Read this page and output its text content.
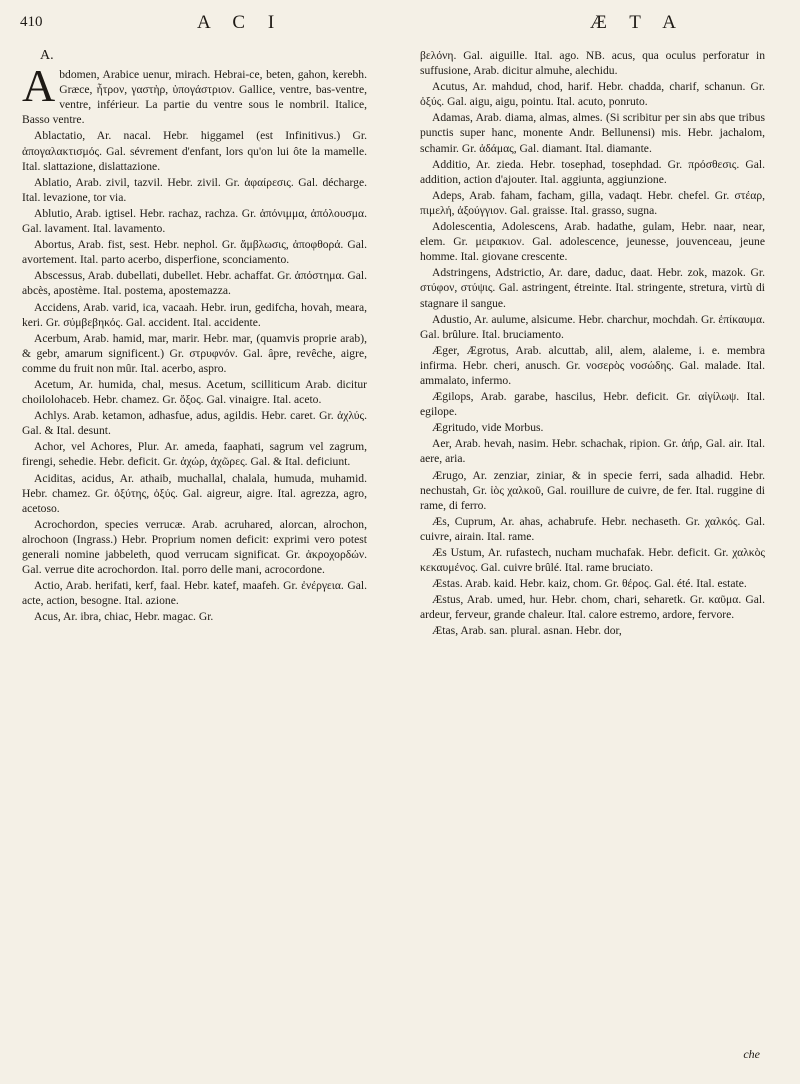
410	A C I	Æ T A
A.

Abdomen, Arabice uenur, mirach. Hebrai-ce, beten, gahon, kerebh. Græce, ἦτρον, γαστὴρ, ὑπογάστριον. Gallice, ventre, bas-ventre, ventre, inférieur. La partie du ventre sous le nombril. Italice, Basso ventre.

Ablactatio, Ar. nacal. Hebr. higgamel (est Infinitivus.) Gr. ἀπογαλακτισμός. Gal. sévrement d'enfant, lors qu'on lui ôte la mamelle. Ital. slattazione, dislattazione.

Ablatio, Arab. zivil, tazvil. Hebr. zivil. Gr. ἀφαίρεσις. Gal. décharge. Ital. levazione, tor via.

Ablutio, Arab. igtisel. Hebr. rachaz, rachza. Gr. ἀπόνιμμα, ἀπόλουσμα. Gal. lavament. Ital. lavamento.

Abortus, Arab. fist, sest. Hebr. nephol. Gr. ἄμβλωσις, ἀποφθορά. Gal. avortement. Ital. parto acerbo, disperfione, sconciamento.

Abscessus, Arab. dubellati, dubellet. Hebr. achaffat. Gr. ἀπόστημα. Gal. abcès, apostème. Ital. postema, apostemazza.

Accidens, Arab. varid, ica, vacaah. Hebr. irun, gedifcha, hovah, meara, keri. Gr. σύμβεβηκός. Gal. accident. Ital. accidente.

Acerbum, Arab. hamid, mar, marir. Hebr. mar, (quamvis proprie arab), & gebr, amarum significent.) Gr. στρυφνόν. Gal. âpre, revêche, aigre, comme du fruit non mûr. Ital. acerbo, aspro.

Acetum, Ar. humida, chal, mesus. Acetum, scilliticum Arab. dicitur choilolohaceb. Hebr. chamez. Gr. ὄξος. Gal. vinaigre. Ital. aceto.

Achlys. Arab. ketamon, adhasfue, adus, agildis. Hebr. caret. Gr. ἀχλύς. Gal. & Ital. desunt.

Achor, vel Achores, Plur. Ar. ameda, faaphati, sagrum vel zagrum, firengi, sehedie. Hebr. deficit. Gr. ἀχώρ, ἀχῶρες. Gal. & Ital. deficiunt.

Aciditas, acidus, Ar. athaib, muchallal, chalala, humuda, muhamid. Hebr. chamez. Gr. ὀξύτης, ὀξύς. Gal. aigreur, aigre. Ital. agrezza, agro, acetoso.

Acrochordon, species verrucæ. Arab. acruhared, alorcan, alrochon, alrochoon (Ingrass.) Hebr. Proprium nomen deficit: exprimi vero potest generali nomine jabbeleth, quod verrucam significat. Gr. ἀκροχορδών. Gal. verrue dite acrochordon. Ital. porro delle mani, acrocordone.

Actio, Arab. herifati, kerf, faal. Hebr. katef, maafeh. Gr. ἐνέργεια. Gal. acte, action, besogne. Ital. azione.

Acus, Ar. ibra, chiac, Hebr. magac. Gr.

βελόνη. Gal. aiguille. Ital. ago. NB. acus, qua oculus perforatur in suffusione, Arab. dicitur almuhe, alechidu.

Acutus, Ar. mahdud, chod, harif. Hebr. chadda, charif, schanun. Gr. ὀξύς. Gal. aigu, aigu, pointu. Ital. acuto, ponruto.

Adamas, Arab. diama, almas, almes. (Si scribitur per sin abs que tribus punctis super hanc, monente Andr. Bellunensi) mis. Hebr. jachalom, schamir. Gr. ἀδάμας, Gal. diamant. Ital. diamante.

Additio, Ar. zieda. Hebr. tosephad, tosephdad. Gr. πρόσθεσις. Gal. addition, action d'ajouter. Ital. aggiunta, aggiunzione.

Adeps, Arab. faham, facham, gilla, vadaqt. Hebr. chefel. Gr. στέαρ, πιμελή, ἀξούγγιον. Gal. graisse. Ital. grasso, sugna.

Adolescentia, Adolescens, Arab. hadathe, gulam, Hebr. naar, near, elem. Gr. μειρακιον. Gal. adolescence, jeunesse, jouvenceau, jeune homme. Ital. giovane crescente.

Adstringens, Adstrictio, Ar. dare, daduc, daat. Hebr. zok, mazok. Gr. στύφον, στύψις. Gal. astringent, étreinte. Ital. stringente, stretura, virtù di stagnare il sangue.

Adustio, Ar. aulume, alsicume. Hebr. charchur, mochdah. Gr. ἐπίκαυμα. Gal. brûlure. Ital. bruciamento.

Æger, Ægrotus, Arab. alcuttab, alil, alem, alaleme, i. e. membra infirma. Hebr. cheri, anusch. Gr. νοσερὸς νοσώδης. Gal. malade. Ital. ammalato, infermo.

Ægilops, Arab. garabe, hascilus, Hebr. deficit. Gr. αἰγίλωψ. Ital. egilope.

Ægritudo, vide Morbus.

Aer, Arab. hevah, nasim. Hebr. schachak, ripion. Gr. ἀήρ, Gal. air. Ital. aere, aria.

Ærugo, Ar. zenziar, ziniar, & in specie ferri, sada alhadid. Hebr. nechustah, Gr. ἰὸς χαλκοῦ, Gal. rouillure de cuivre, de fer. Ital. ruggine di rame, di ferro.

Æs, Cuprum, Ar. ahas, achabrufe. Hebr. nechaseth. Gr. χαλκός. Gal. cuivre, airain. Ital. rame.

Æs Ustum, Ar. rufastech, nucham muchafak. Hebr. deficit. Gr. χαλκὸς κεκαυμένος. Gal. cuivre brûlé. Ital. rame bruciato.

Æstas. Arab. kaid. Hebr. kaiz, chom. Gr. θέρος. Gal. été. Ital. estate.

Æstus, Arab. umed, hur. Hebr. chom, chari, seharetk. Gr. καῦμα. Gal. ardeur, ferveur, grande chaleur. Ital. calore estremo, ardore, fervore.

Ætas, Arab. san. plural. asnan. Hebr. dor,

che
